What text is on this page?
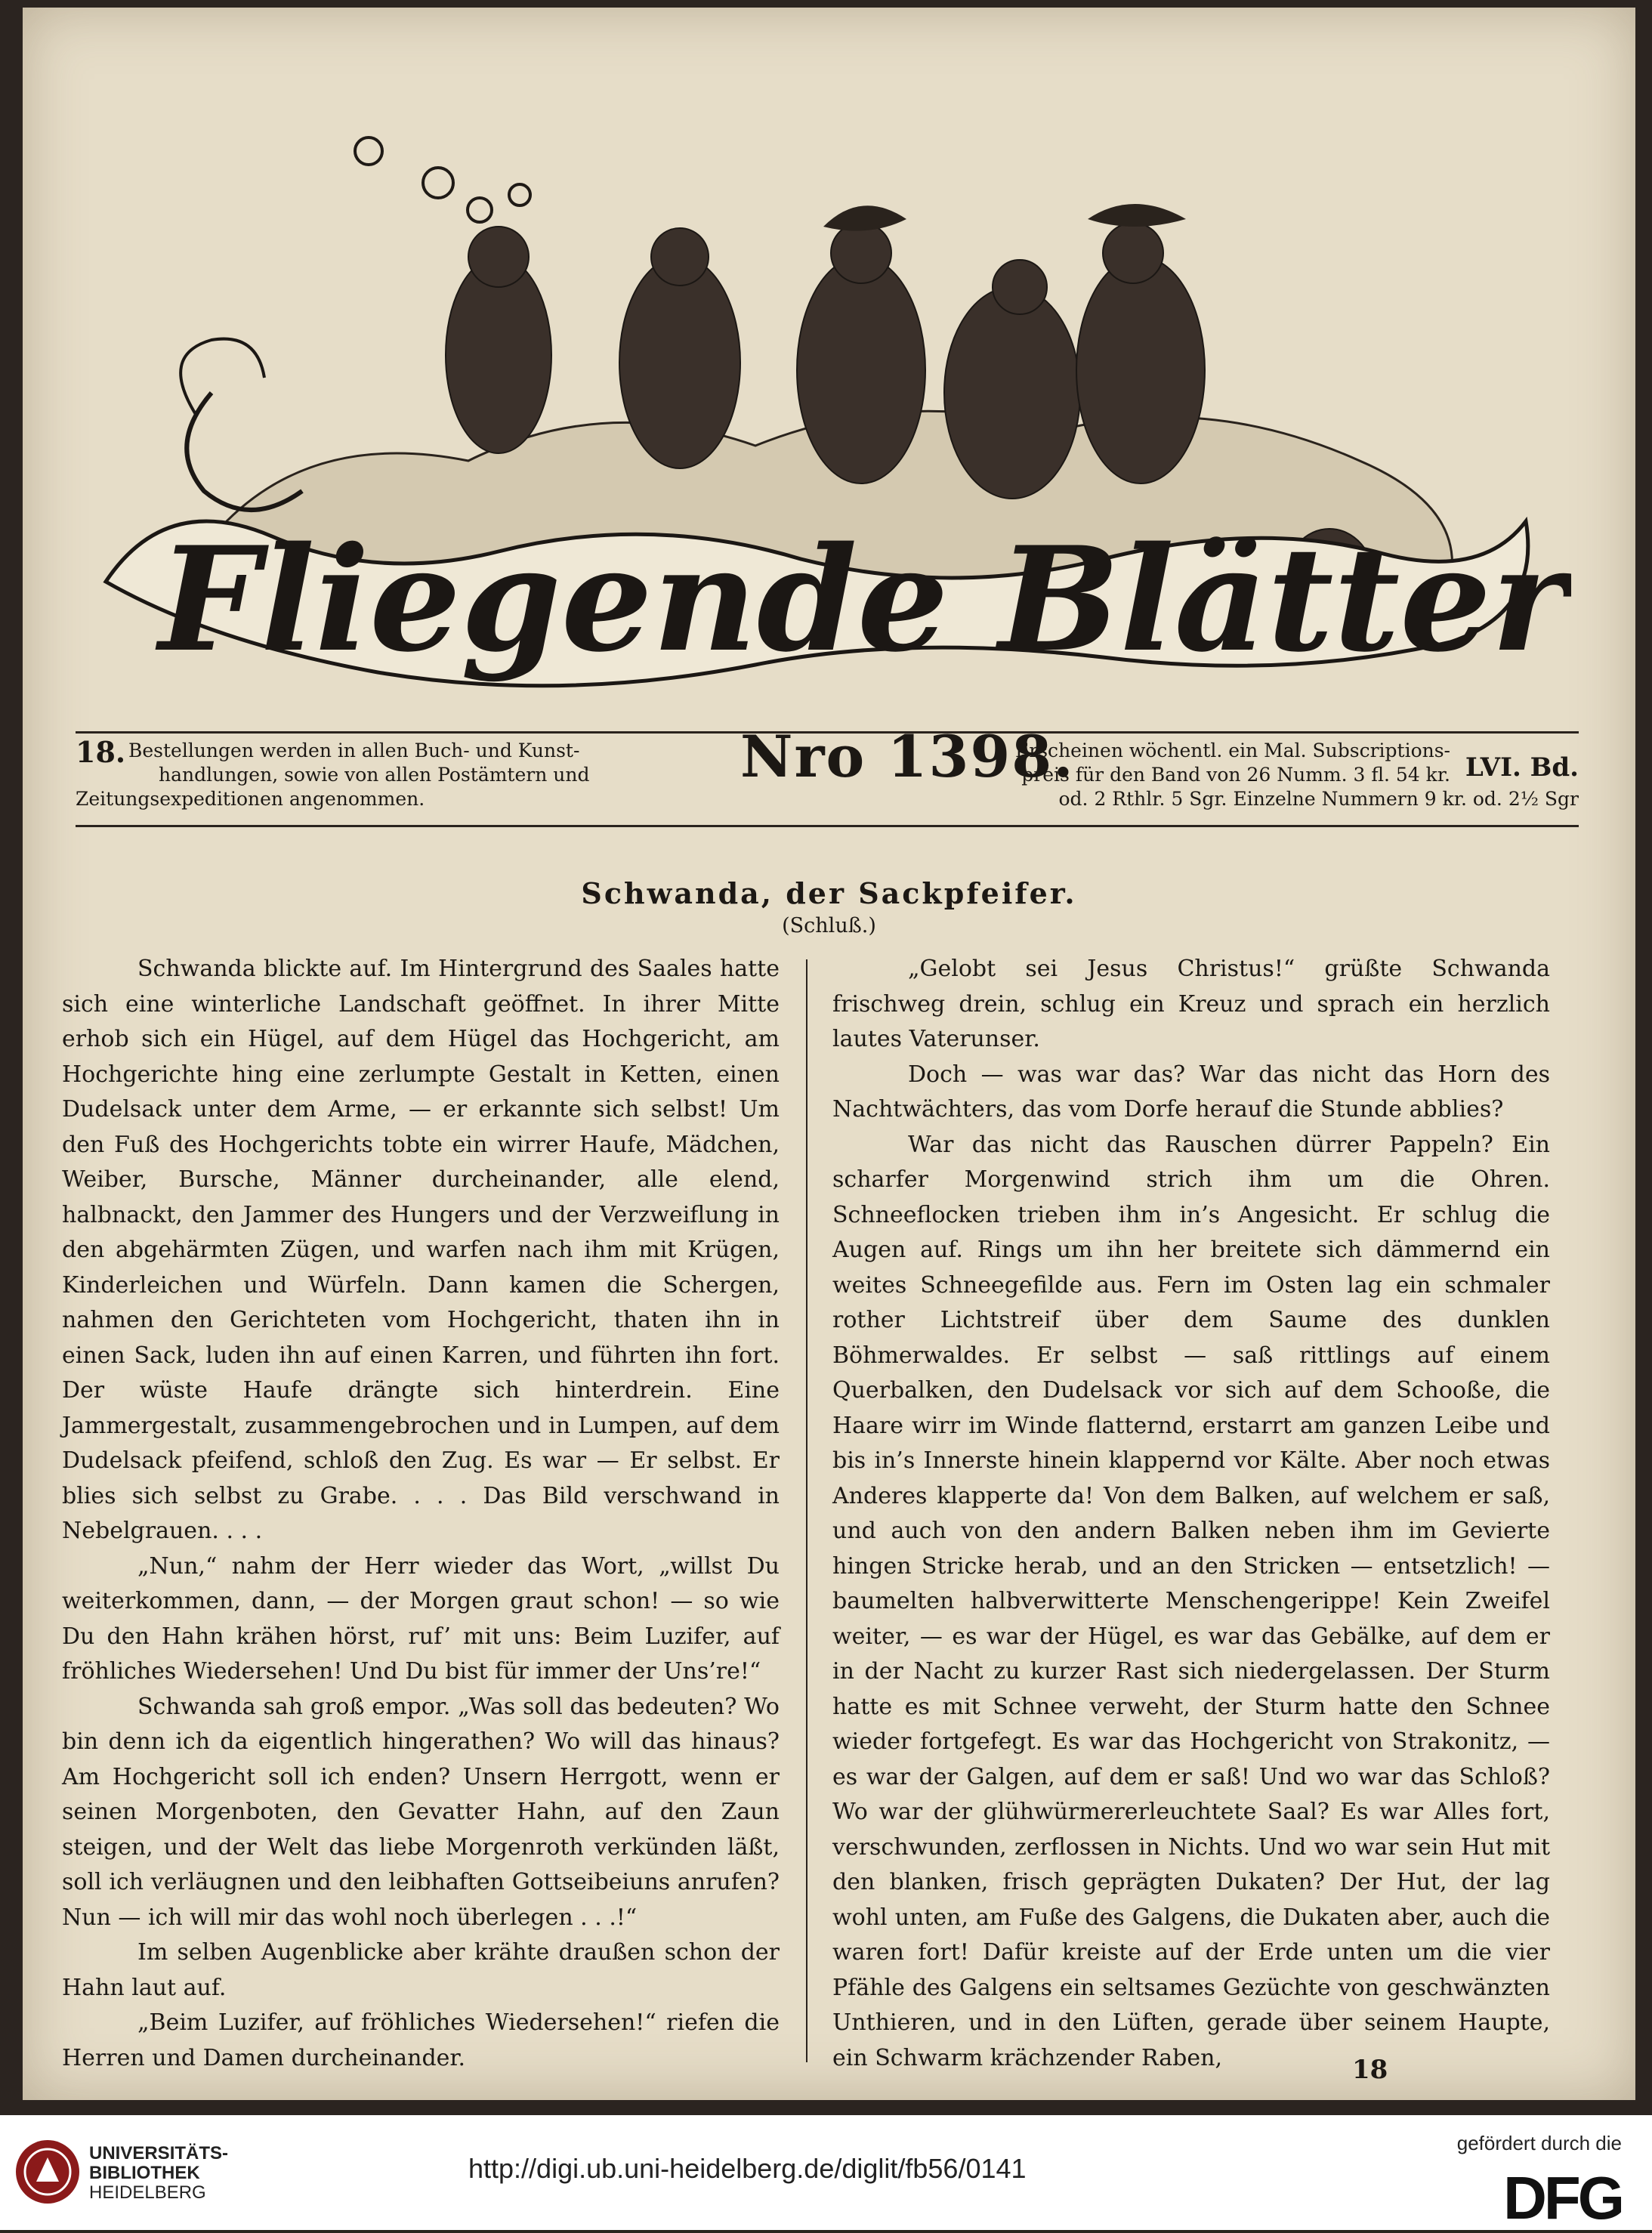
Fliegende Blätter
18. Bestellungen werden in allen Buch- und Kunst-
handlungen, sowie von allen Postämtern und
Zeitungsexpeditionen angenommen.
Nro 1398.
Erscheinen wöchentl. ein Mal. Subscriptions-
preis für den Band von 26 Numm. 3 fl. 54 kr.
od. 2 Rthlr. 5 Sgr. Einzelne Nummern 9 kr. od. 2½ Sgr
LVI. Bd.
Schwanda, der Sackpfeifer.
(Schluß.)

Schwanda blickte auf. Im Hintergrund des Saales hatte sich eine winterliche Landschaft geöffnet. In ihrer Mitte erhob sich ein Hügel, auf dem Hügel das Hochgericht, am Hochgerichte hing eine zerlumpte Gestalt in Ketten, einen Dudelsack unter dem Arme, — er erkannte sich selbst! Um den Fuß des Hochgerichts tobte ein wirrer Haufe, Mädchen, Weiber, Bursche, Männer durcheinander, alle elend, halbnackt, den Jammer des Hungers und der Verzweiflung in den abgehärmten Zügen, und warfen nach ihm mit Krügen, Kinderleichen und Würfeln. Dann kamen die Schergen, nahmen den Gerichteten vom Hochgericht, thaten ihn in einen Sack, luden ihn auf einen Karren, und führten ihn fort. Der wüste Haufe drängte sich hinterdrein. Eine Jammergestalt, zusammengebrochen und in Lumpen, auf dem Dudelsack pfeifend, schloß den Zug. Es war — Er selbst. Er blies sich selbst zu Grabe. . . . Das Bild verschwand in Nebelgrauen. . . .

„Nun,“ nahm der Herr wieder das Wort, „willst Du weiterkommen, dann, — der Morgen graut schon! — so wie Du den Hahn krähen hörst, ruf’ mit uns: Beim Luzifer, auf fröhliches Wiedersehen! Und Du bist für immer der Uns’re!“

Schwanda sah groß empor. „Was soll das bedeuten? Wo bin denn ich da eigentlich hingerathen? Wo will das hinaus? Am Hochgericht soll ich enden? Unsern Herrgott, wenn er seinen Morgenboten, den Gevatter Hahn, auf den Zaun steigen, und der Welt das liebe Morgenroth verkünden läßt, soll ich verläugnen und den leibhaften Gottseibeiuns anrufen? Nun — ich will mir das wohl noch überlegen . . .!“

Im selben Augenblicke aber krähte draußen schon der Hahn laut auf.

„Beim Luzifer, auf fröhliches Wiedersehen!“ riefen die Herren und Damen durcheinander.

„Gelobt sei Jesus Christus!“ grüßte Schwanda frischweg drein, schlug ein Kreuz und sprach ein herzlich lautes Vaterunser.

Doch — was war das? War das nicht das Horn des Nachtwächters, das vom Dorfe herauf die Stunde abblies?

War das nicht das Rauschen dürrer Pappeln? Ein scharfer Morgenwind strich ihm um die Ohren. Schneeflocken trieben ihm in’s Angesicht. Er schlug die Augen auf. Rings um ihn her breitete sich dämmernd ein weites Schneegefilde aus. Fern im Osten lag ein schmaler rother Lichtstreif über dem Saume des dunklen Böhmerwaldes. Er selbst — saß rittlings auf einem Querbalken, den Dudelsack vor sich auf dem Schooße, die Haare wirr im Winde flatternd, erstarrt am ganzen Leibe und bis in’s Innerste hinein klappernd vor Kälte. Aber noch etwas Anderes klapperte da! Von dem Balken, auf welchem er saß, und auch von den andern Balken neben ihm im Gevierte hingen Stricke herab, und an den Stricken — entsetzlich! — baumelten halbverwitterte Menschengerippe! Kein Zweifel weiter, — es war der Hügel, es war das Gebälke, auf dem er in der Nacht zu kurzer Rast sich niedergelassen. Der Sturm hatte es mit Schnee verweht, der Sturm hatte den Schnee wieder fortgefegt. Es war das Hochgericht von Strakonitz, — es war der Galgen, auf dem er saß! Und wo war das Schloß? Wo war der glühwürmererleuchtete Saal? Es war Alles fort, verschwunden, zerflossen in Nichts. Und wo war sein Hut mit den blanken, frisch geprägten Dukaten? Der Hut, der lag wohl unten, am Fuße des Galgens, die Dukaten aber, auch die waren fort! Dafür kreiste auf der Erde unten um die vier Pfähle des Galgens ein seltsames Gezüchte von geschwänzten Unthieren, und in den Lüften, gerade über seinem Haupte, ein Schwarm krächzender Raben,	18
UNIVERSITÄTS-
BIBLIOTHEK
HEIDELBERG
http://digi.ub.uni-heidelberg.de/diglit/fb56/0141
gefördert durch die
DFG
